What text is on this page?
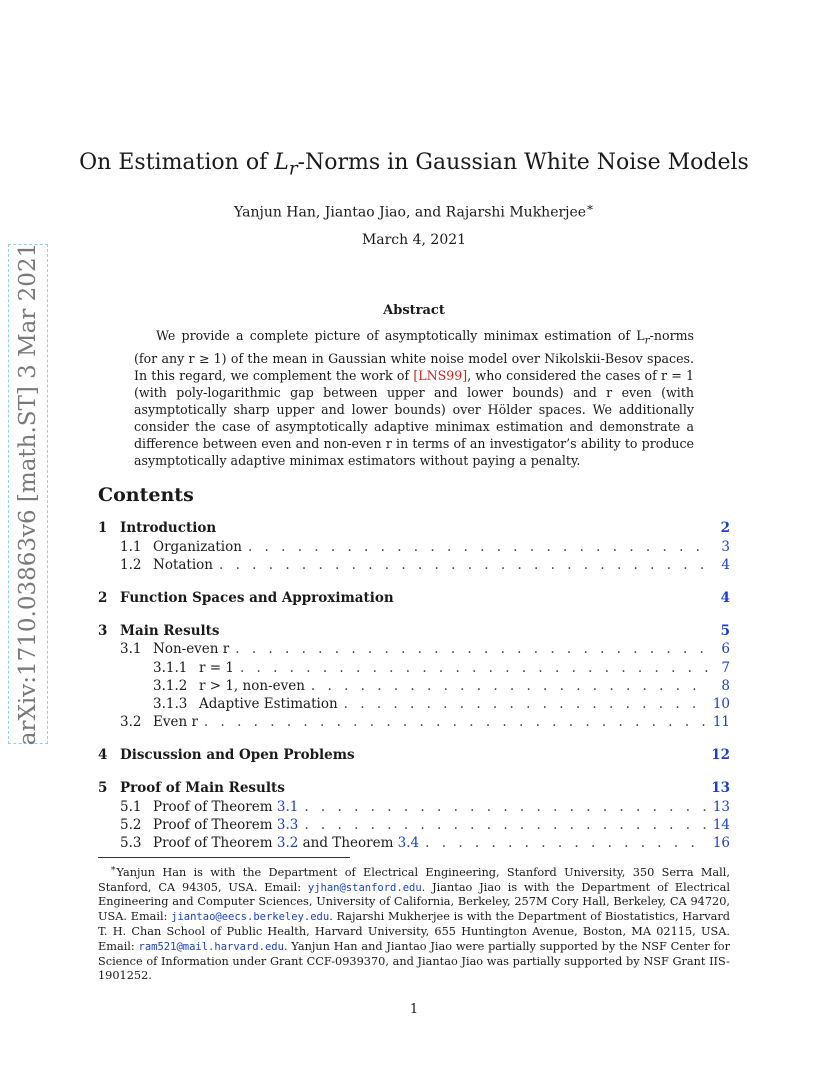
arXiv:1710.03863v6 [math.ST] 3 Mar 2021
On Estimation of $L_r$-Norms in Gaussian White Noise Models
Yanjun Han, Jiantao Jiao, and Rajarshi Mukherjee∗
March 4, 2021
Abstract
We provide a complete picture of asymptotically minimax estimation of $L_r$-norms (for any r ≥ 1) of the mean in Gaussian white noise model over Nikolskii-Besov spaces. In this regard, we complement the work of [LNS99], who considered the cases of r = 1 (with poly-logarithmic gap between upper and lower bounds) and r even (with asymptotically sharp upper and lower bounds) over Hölder spaces. We additionally consider the case of asymptotically adaptive minimax estimation and demonstrate a difference between even and non-even r in terms of an investigator’s ability to produce asymptotically adaptive minimax estimators without paying a penalty.
Contents
1 Introduction	2
1.1 Organization . . .	3
1.2 Notation . . .	4
2 Function Spaces and Approximation	4
3 Main Results	5
3.1 Non-even r . . .	6
3.1.1 r = 1 . . .	7
3.1.2 r > 1, non-even . . .	8
3.1.3 Adaptive Estimation . . .	10
3.2 Even r . . .	11
4 Discussion and Open Problems	12
5 Proof of Main Results	13
5.1 Proof of Theorem 3.1 . . .	13
5.2 Proof of Theorem 3.3 . . .	14
5.3 Proof of Theorem 3.2 and Theorem 3.4 . . .	16
∗Yanjun Han is with the Department of Electrical Engineering, Stanford University, 350 Serra Mall, Stanford, CA 94305, USA. Email: yjhan@stanford.edu. Jiantao Jiao is with the Department of Electrical Engineering and Computer Sciences, University of California, Berkeley, 257M Cory Hall, Berkeley, CA 94720, USA. Email: jiantao@eecs.berkeley.edu. Rajarshi Mukherjee is with the Department of Biostatistics, Harvard T. H. Chan School of Public Health, Harvard University, 655 Huntington Avenue, Boston, MA 02115, USA. Email: ram521@mail.harvard.edu. Yanjun Han and Jiantao Jiao were partially supported by the NSF Center for Science of Information under Grant CCF-0939370, and Jiantao Jiao was partially supported by NSF Grant IIS-1901252.
1
